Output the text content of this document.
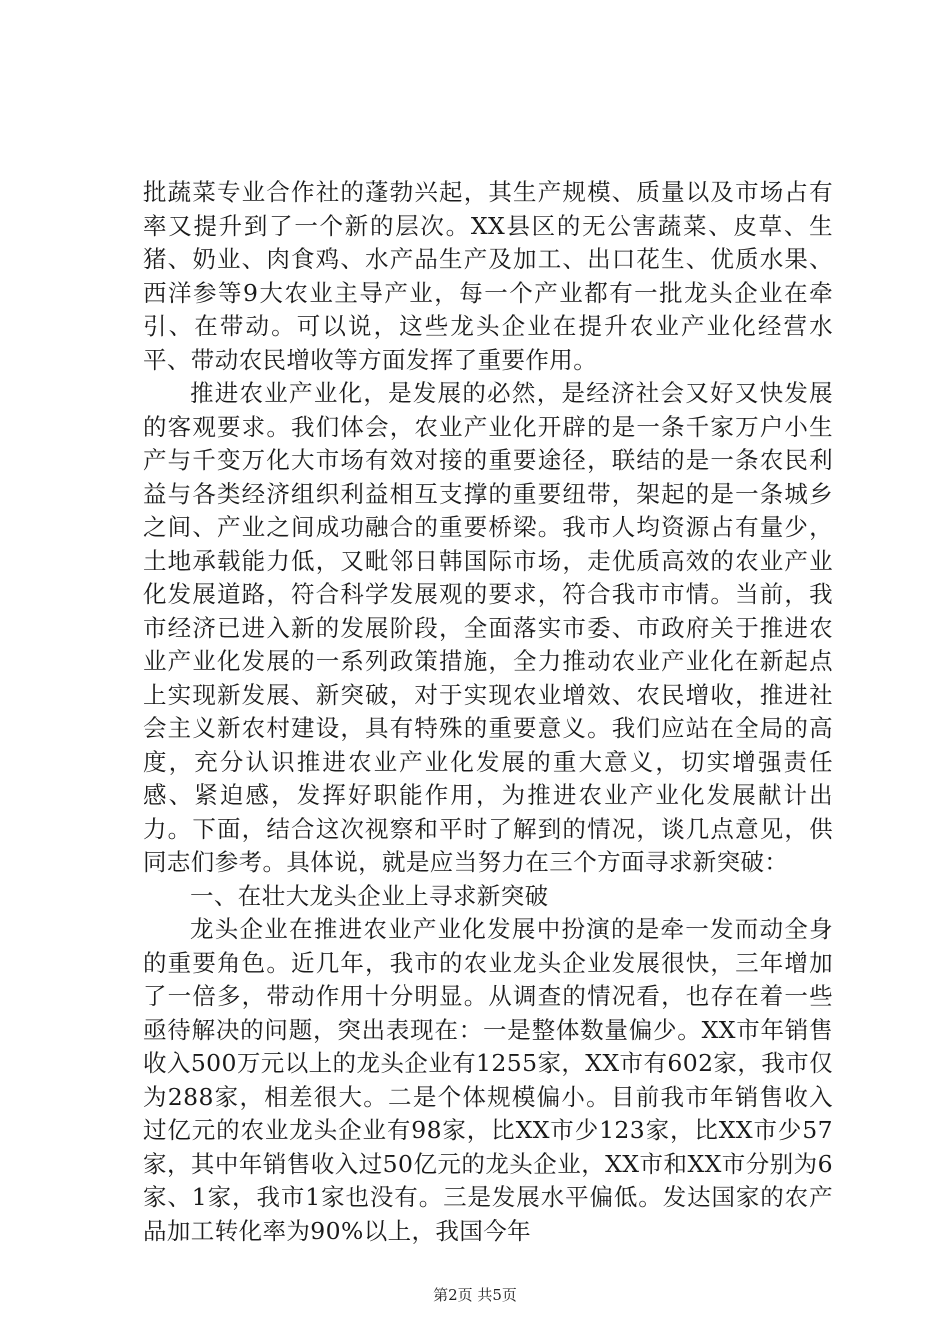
批蔬菜专业合作社的蓬勃兴起，其生产规模、质量以及市场占有率又提升到了一个新的层次。XX县区的无公害蔬菜、皮草、生猪、奶业、肉食鸡、水产品生产及加工、出口花生、优质水果、西洋参等9大农业主导产业，每一个产业都有一批龙头企业在牵引、在带动。可以说，这些龙头企业在提升农业产业化经营水平、带动农民增收等方面发挥了重要作用。

推进农业产业化，是发展的必然，是经济社会又好又快发展的客观要求。我们体会，农业产业化开辟的是一条千家万户小生产与千变万化大市场有效对接的重要途径，联结的是一条农民利益与各类经济组织利益相互支撑的重要纽带，架起的是一条城乡之间、产业之间成功融合的重要桥梁。我市人均资源占有量少，土地承载能力低，又毗邻日韩国际市场，走优质高效的农业产业化发展道路，符合科学发展观的要求，符合我市市情。当前，我市经济已进入新的发展阶段，全面落实市委、市政府关于推进农业产业化发展的一系列政策措施，全力推动农业产业化在新起点上实现新发展、新突破，对于实现农业增效、农民增收，推进社会主义新农村建设，具有特殊的重要意义。我们应站在全局的高度，充分认识推进农业产业化发展的重大意义，切实增强责任感、紧迫感，发挥好职能作用，为推进农业产业化发展献计出力。下面，结合这次视察和平时了解到的情况，谈几点意见，供同志们参考。具体说，就是应当努力在三个方面寻求新突破：

一、在壮大龙头企业上寻求新突破

龙头企业在推进农业产业化发展中扮演的是牵一发而动全身的重要角色。近几年，我市的农业龙头企业发展很快，三年增加了一倍多，带动作用十分明显。从调查的情况看，也存在着一些亟待解决的问题，突出表现在：一是整体数量偏少。XX市年销售收入500万元以上的龙头企业有1255家，XX市有602家，我市仅为288家，相差很大。二是个体规模偏小。目前我市年销售收入过亿元的农业龙头企业有98家，比XX市少123家，比XX市少57家，其中年销售收入过50亿元的龙头企业，XX市和XX市分别为6家、1家，我市1家也没有。三是发展水平偏低。发达国家的农产品加工转化率为90%以上，我国今年

第2页 共5页
